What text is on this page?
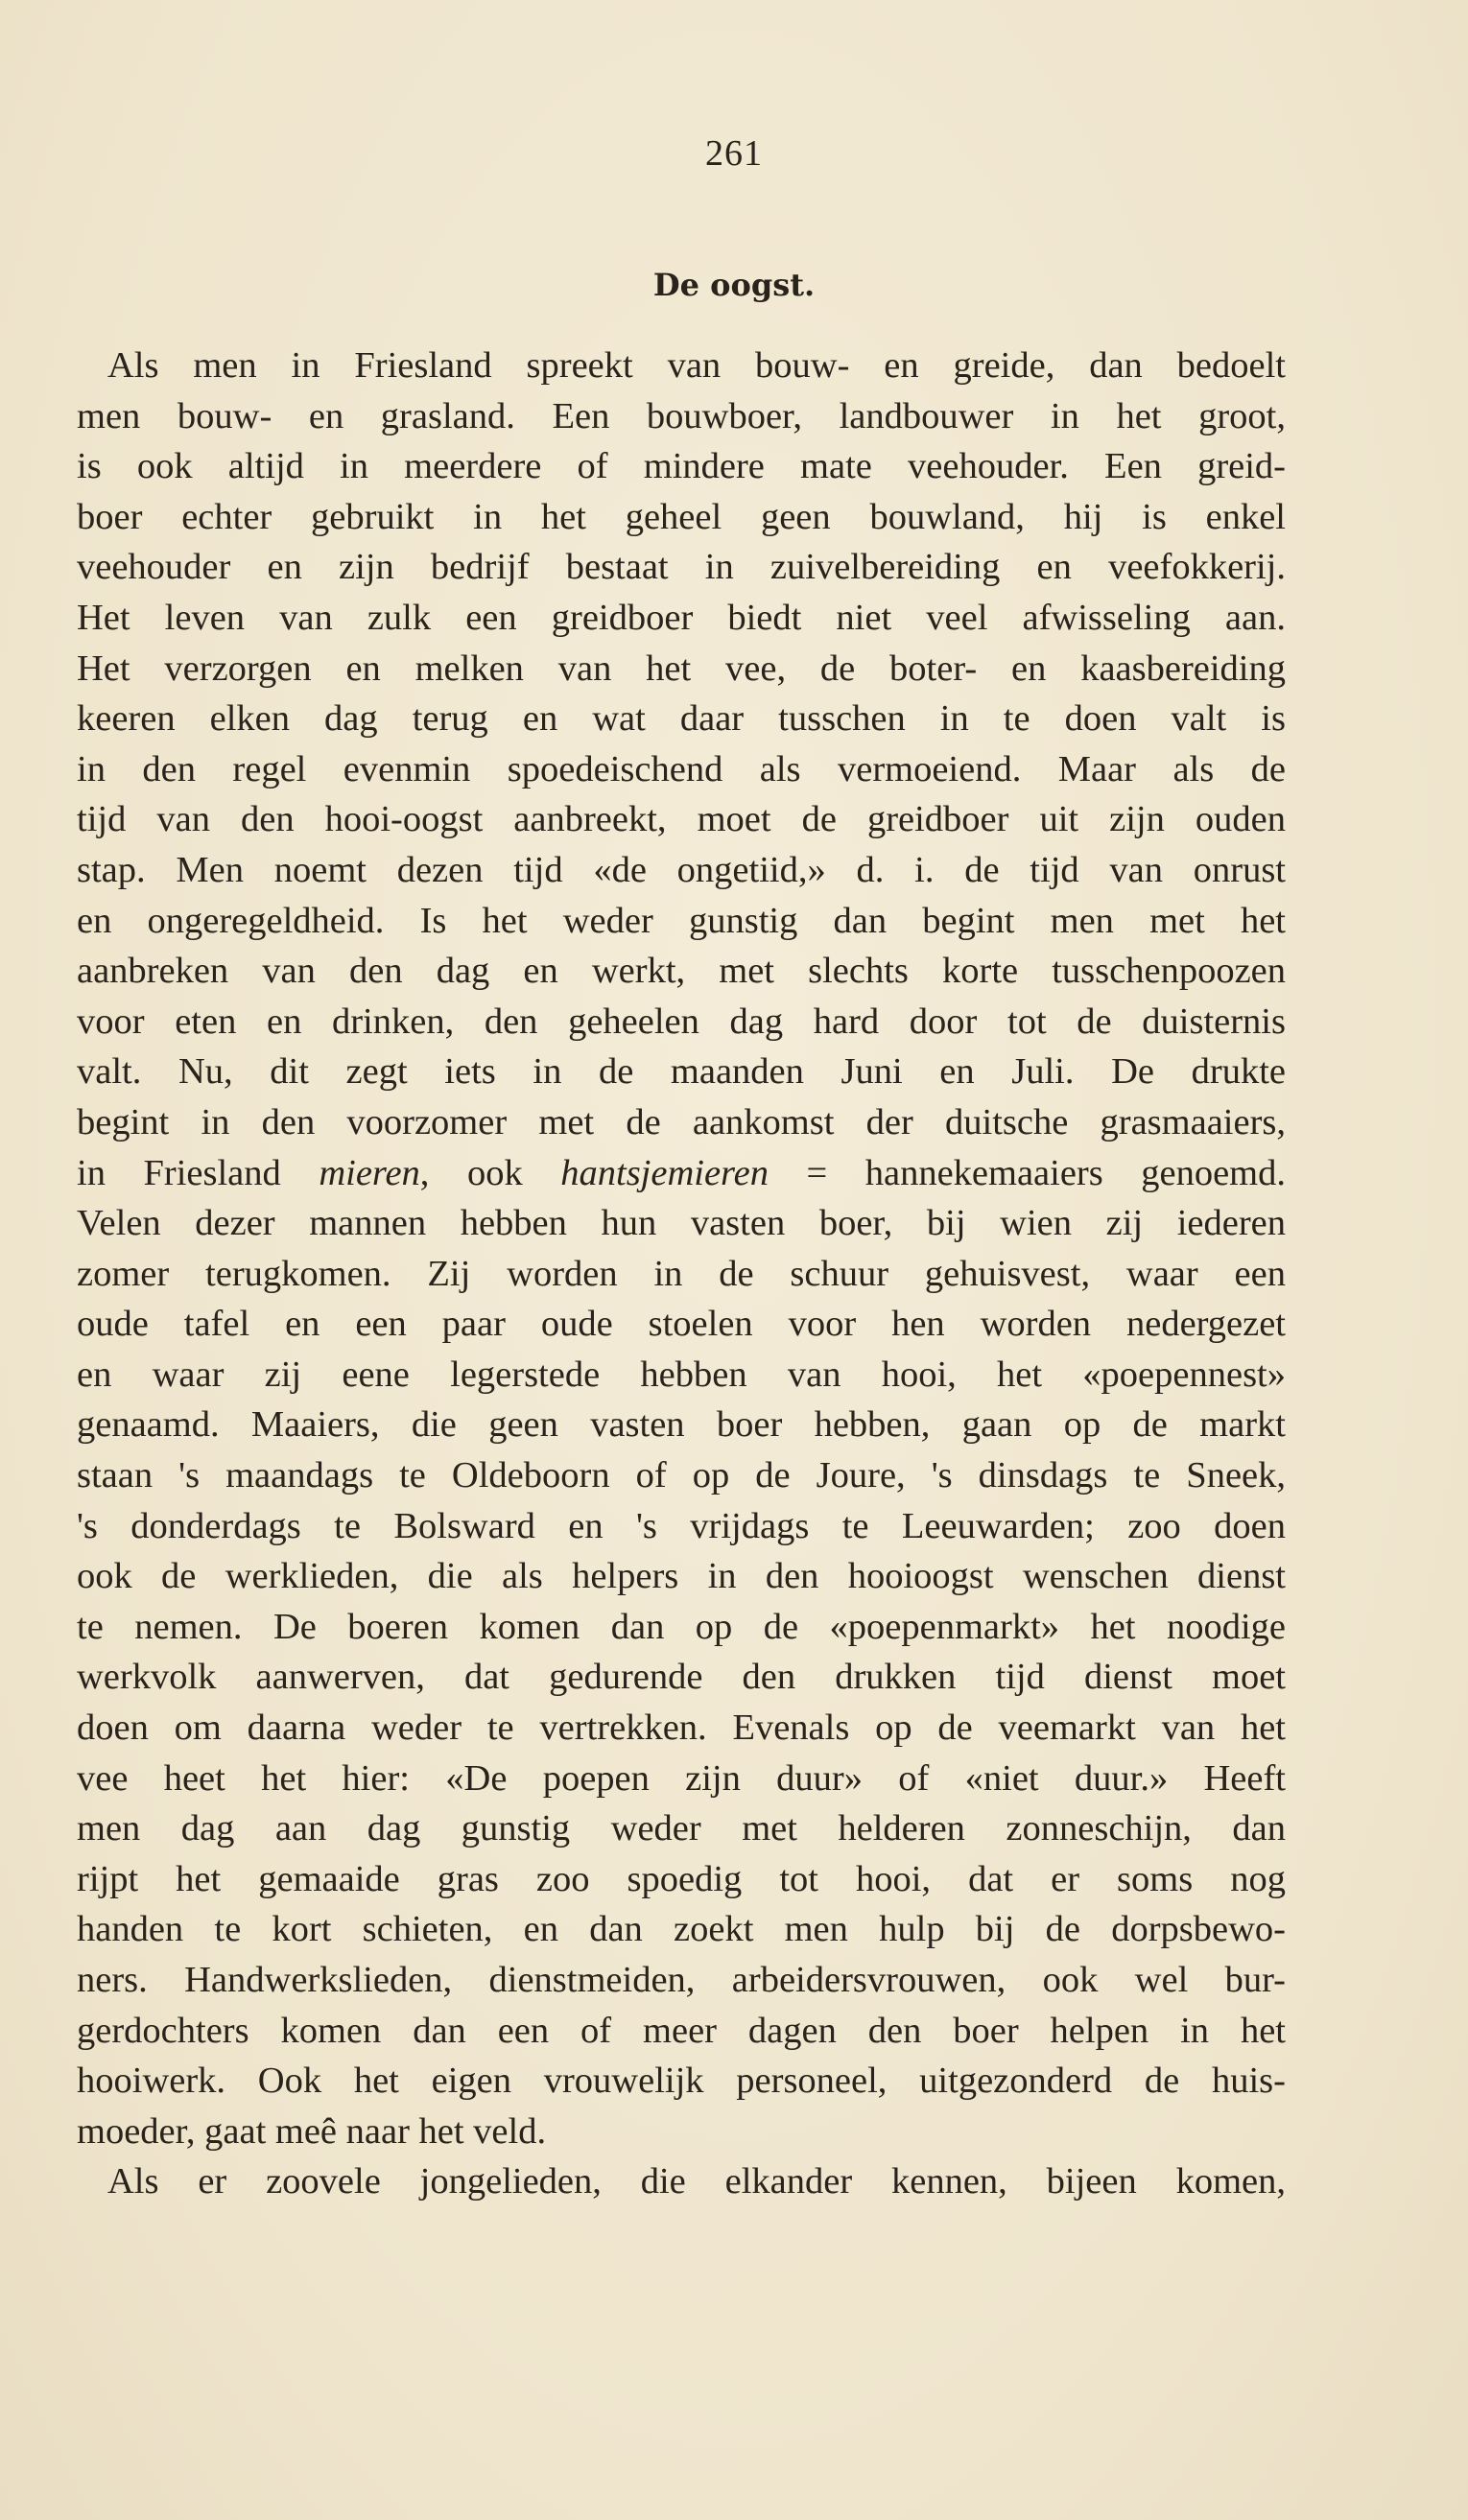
261
De oogst.
Als men in Friesland spreekt van bouw- en greide, dan bedoelt
men bouw- en grasland. Een bouwboer, landbouwer in het groot,
is ook altijd in meerdere of mindere mate veehouder. Een greid-
boer echter gebruikt in het geheel geen bouwland, hij is enkel
veehouder en zijn bedrijf bestaat in zuivelbereiding en veefokkerij.
Het leven van zulk een greidboer biedt niet veel afwisseling aan.
Het verzorgen en melken van het vee, de boter- en kaasbereiding
keeren elken dag terug en wat daar tusschen in te doen valt is
in den regel evenmin spoedeischend als vermoeiend. Maar als de
tijd van den hooi-oogst aanbreekt, moet de greidboer uit zijn ouden
stap. Men noemt dezen tijd «de ongetiid,» d. i. de tijd van onrust
en ongeregeldheid. Is het weder gunstig dan begint men met het
aanbreken van den dag en werkt, met slechts korte tusschenpoozen
voor eten en drinken, den geheelen dag hard door tot de duisternis
valt. Nu, dit zegt iets in de maanden Juni en Juli. De drukte
begint in den voorzomer met de aankomst der duitsche grasmaaiers,
in Friesland mieren, ook hantsjemieren = hannekemaaiers genoemd.
Velen dezer mannen hebben hun vasten boer, bij wien zij iederen
zomer terugkomen. Zij worden in de schuur gehuisvest, waar een
oude tafel en een paar oude stoelen voor hen worden nedergezet
en waar zij eene legerstede hebben van hooi, het «poepennest»
genaamd. Maaiers, die geen vasten boer hebben, gaan op de markt
staan 's maandags te Oldeboorn of op de Joure, 's dinsdags te Sneek,
's donderdags te Bolsward en 's vrijdags te Leeuwarden; zoo doen
ook de werklieden, die als helpers in den hooioogst wenschen dienst
te nemen. De boeren komen dan op de «poepenmarkt» het noodige
werkvolk aanwerven, dat gedurende den drukken tijd dienst moet
doen om daarna weder te vertrekken. Evenals op de veemarkt van het
vee heet het hier: «De poepen zijn duur» of «niet duur.» Heeft
men dag aan dag gunstig weder met helderen zonneschijn, dan
rijpt het gemaaide gras zoo spoedig tot hooi, dat er soms nog
handen te kort schieten, en dan zoekt men hulp bij de dorpsbewo-
ners. Handwerkslieden, dienstmeiden, arbeidersvrouwen, ook wel bur-
gerdochters komen dan een of meer dagen den boer helpen in het
hooiwerk. Ook het eigen vrouwelijk personeel, uitgezonderd de huis-
moeder, gaat meê naar het veld.
Als er zoovele jongelieden, die elkander kennen, bijeen komen,
